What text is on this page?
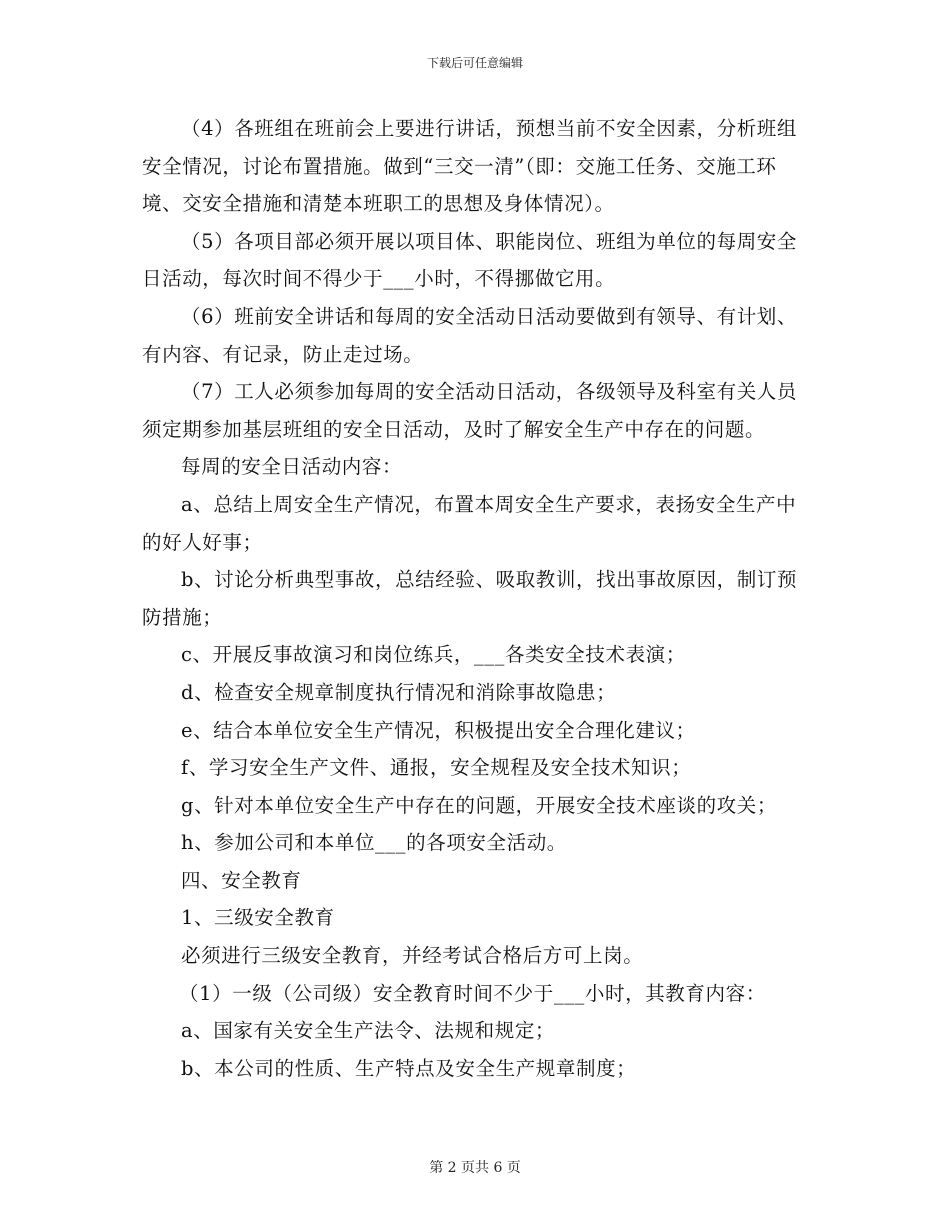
下载后可任意编辑

（4）各班组在班前会上要进行讲话，预想当前不安全因素，分析班组安全情况，讨论布置措施。做到“三交一清”（即：交施工任务、交施工环境、交安全措施和清楚本班职工的思想及身体情况）。

（5）各项目部必须开展以项目体、职能岗位、班组为单位的每周安全日活动，每次时间不得少于___小时，不得挪做它用。

（6）班前安全讲话和每周的安全活动日活动要做到有领导、有计划、有内容、有记录，防止走过场。

（7）工人必须参加每周的安全活动日活动，各级领导及科室有关人员须定期参加基层班组的安全日活动，及时了解安全生产中存在的问题。

每周的安全日活动内容：

a、总结上周安全生产情况，布置本周安全生产要求，表扬安全生产中的好人好事；

b、讨论分析典型事故，总结经验、吸取教训，找出事故原因，制订预防措施；

c、开展反事故演习和岗位练兵，___各类安全技术表演；

d、检查安全规章制度执行情况和消除事故隐患；

e、结合本单位安全生产情况，积极提出安全合理化建议；

f、学习安全生产文件、通报，安全规程及安全技术知识；

g、针对本单位安全生产中存在的问题，开展安全技术座谈的攻关；

h、参加公司和本单位___的各项安全活动。

四、安全教育

1、三级安全教育

必须进行三级安全教育，并经考试合格后方可上岗。

（1）一级（公司级）安全教育时间不少于___小时，其教育内容：

a、国家有关安全生产法令、法规和规定；

b、本公司的性质、生产特点及安全生产规章制度；

第 2 页共 6 页
